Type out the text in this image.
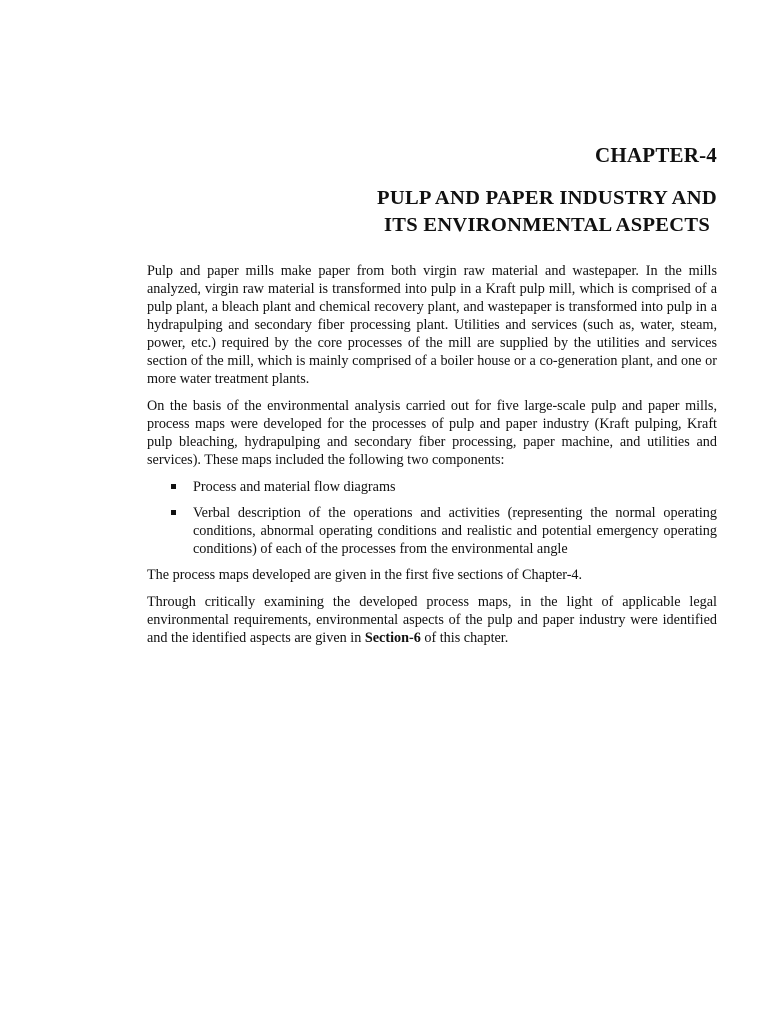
CHAPTER-4
PULP AND PAPER INDUSTRY AND
ITS ENVIRONMENTAL ASPECTS

Pulp and paper mills make paper from both virgin raw material and wastepaper. In the mills analyzed, virgin raw material is transformed into pulp in a Kraft pulp mill, which is comprised of a pulp plant, a bleach plant and chemical recovery plant, and wastepaper is transformed into pulp in a hydrapulping and secondary fiber processing plant. Utilities and services (such as, water, steam, power, etc.) required by the core processes of the mill are supplied by the utilities and services section of the mill, which is mainly comprised of a boiler house or a co-generation plant, and one or more water treatment plants.

On the basis of the environmental analysis carried out for five large-scale pulp and paper mills, process maps were developed for the processes of pulp and paper industry (Kraft pulping, Kraft pulp bleaching, hydrapulping and secondary fiber processing, paper machine, and utilities and services). These maps included the following two components:

Process and material flow diagrams
Verbal description of the operations and activities (representing the normal operating conditions, abnormal operating conditions and realistic and potential emergency operating conditions) of each of the processes from the environmental angle

The process maps developed are given in the first five sections of Chapter-4.

Through critically examining the developed process maps, in the light of applicable legal environmental requirements, environmental aspects of the pulp and paper industry were identified and the identified aspects are given in Section-6 of this chapter.
